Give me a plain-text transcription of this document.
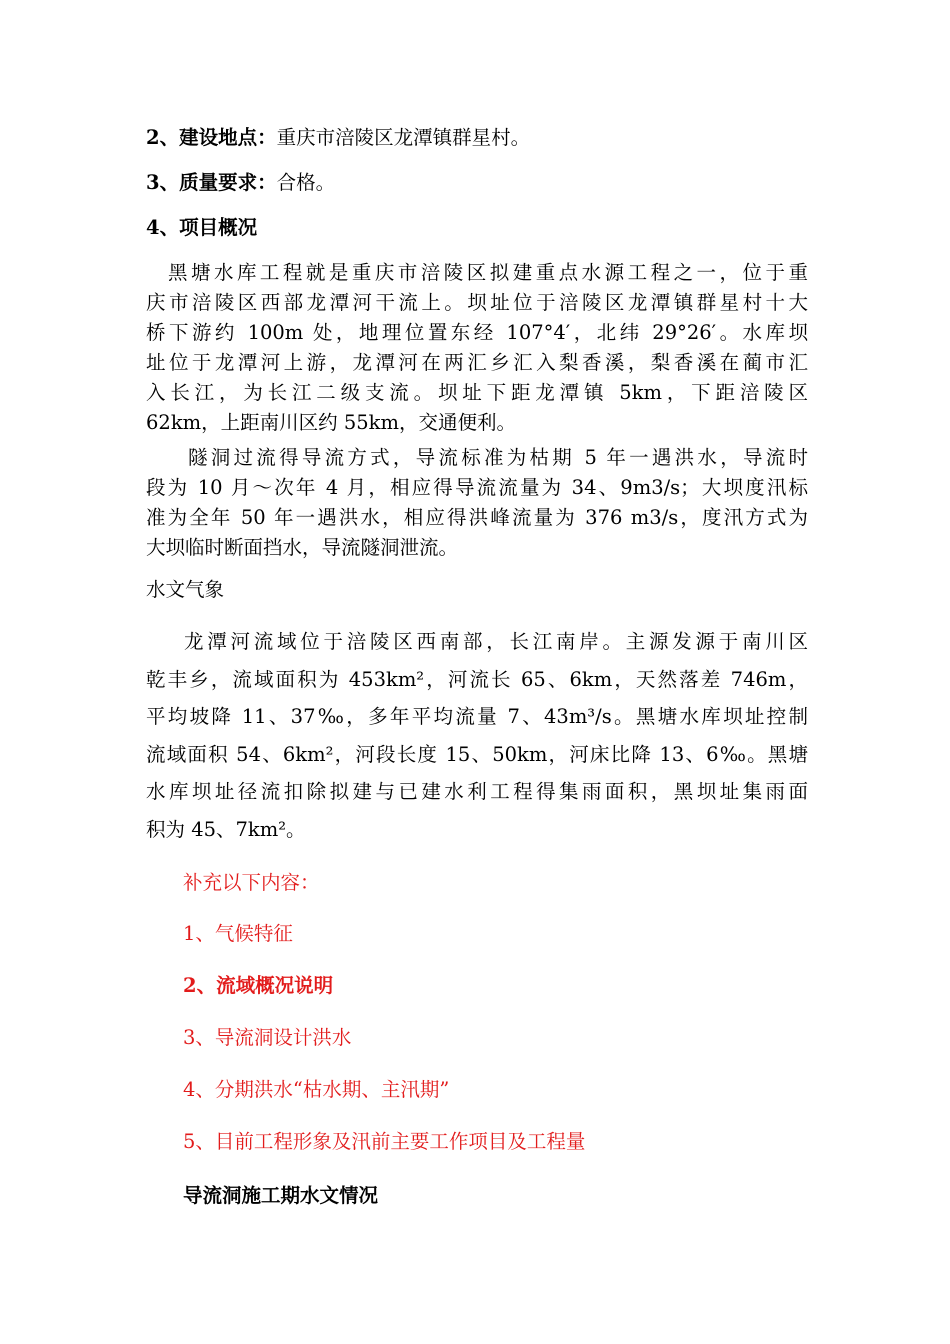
2、建设地点：重庆市涪陵区龙潭镇群星村。

3、质量要求：合格。

4、项目概况

黑塘水库工程就是重庆市涪陵区拟建重点水源工程之一，位于重
庆市涪陵区西部龙潭河干流上。坝址位于涪陵区龙潭镇群星村十大
桥下游约 100m 处，地理位置东经 107°4′，北纬 29°26′。水库坝
址位于龙潭河上游，龙潭河在两汇乡汇入梨香溪，梨香溪在蔺市汇
入长江，为长江二级支流。坝址下距龙潭镇 5km，下距涪陵区
62km，上距南川区约 55km，交通便利。
隧洞过流得导流方式，导流标准为枯期 5 年一遇洪水，导流时
段为 10 月～次年 4 月，相应得导流流量为 34、9m3/s；大坝度汛标
准为全年 50 年一遇洪水，相应得洪峰流量为 376 m3/s，度汛方式为
大坝临时断面挡水，导流隧洞泄流。

水文气象

龙潭河流域位于涪陵区西南部，长江南岸。主源发源于南川区
乾丰乡，流域面积为 453km²，河流长 65、6km，天然落差 746m，
平均坡降 11、37‰，多年平均流量 7、43m³/s。黑塘水库坝址控制
流域面积 54、6km²，河段长度 15、50km，河床比降 13、6‰。黑塘
水库坝址径流扣除拟建与已建水利工程得集雨面积，黑坝址集雨面
积为 45、7km²。

补充以下内容：

1、气候特征

2、流域概况说明

3、导流洞设计洪水

4、分期洪水“枯水期、主汛期”

5、目前工程形象及汛前主要工作项目及工程量

导流洞施工期水文情况
